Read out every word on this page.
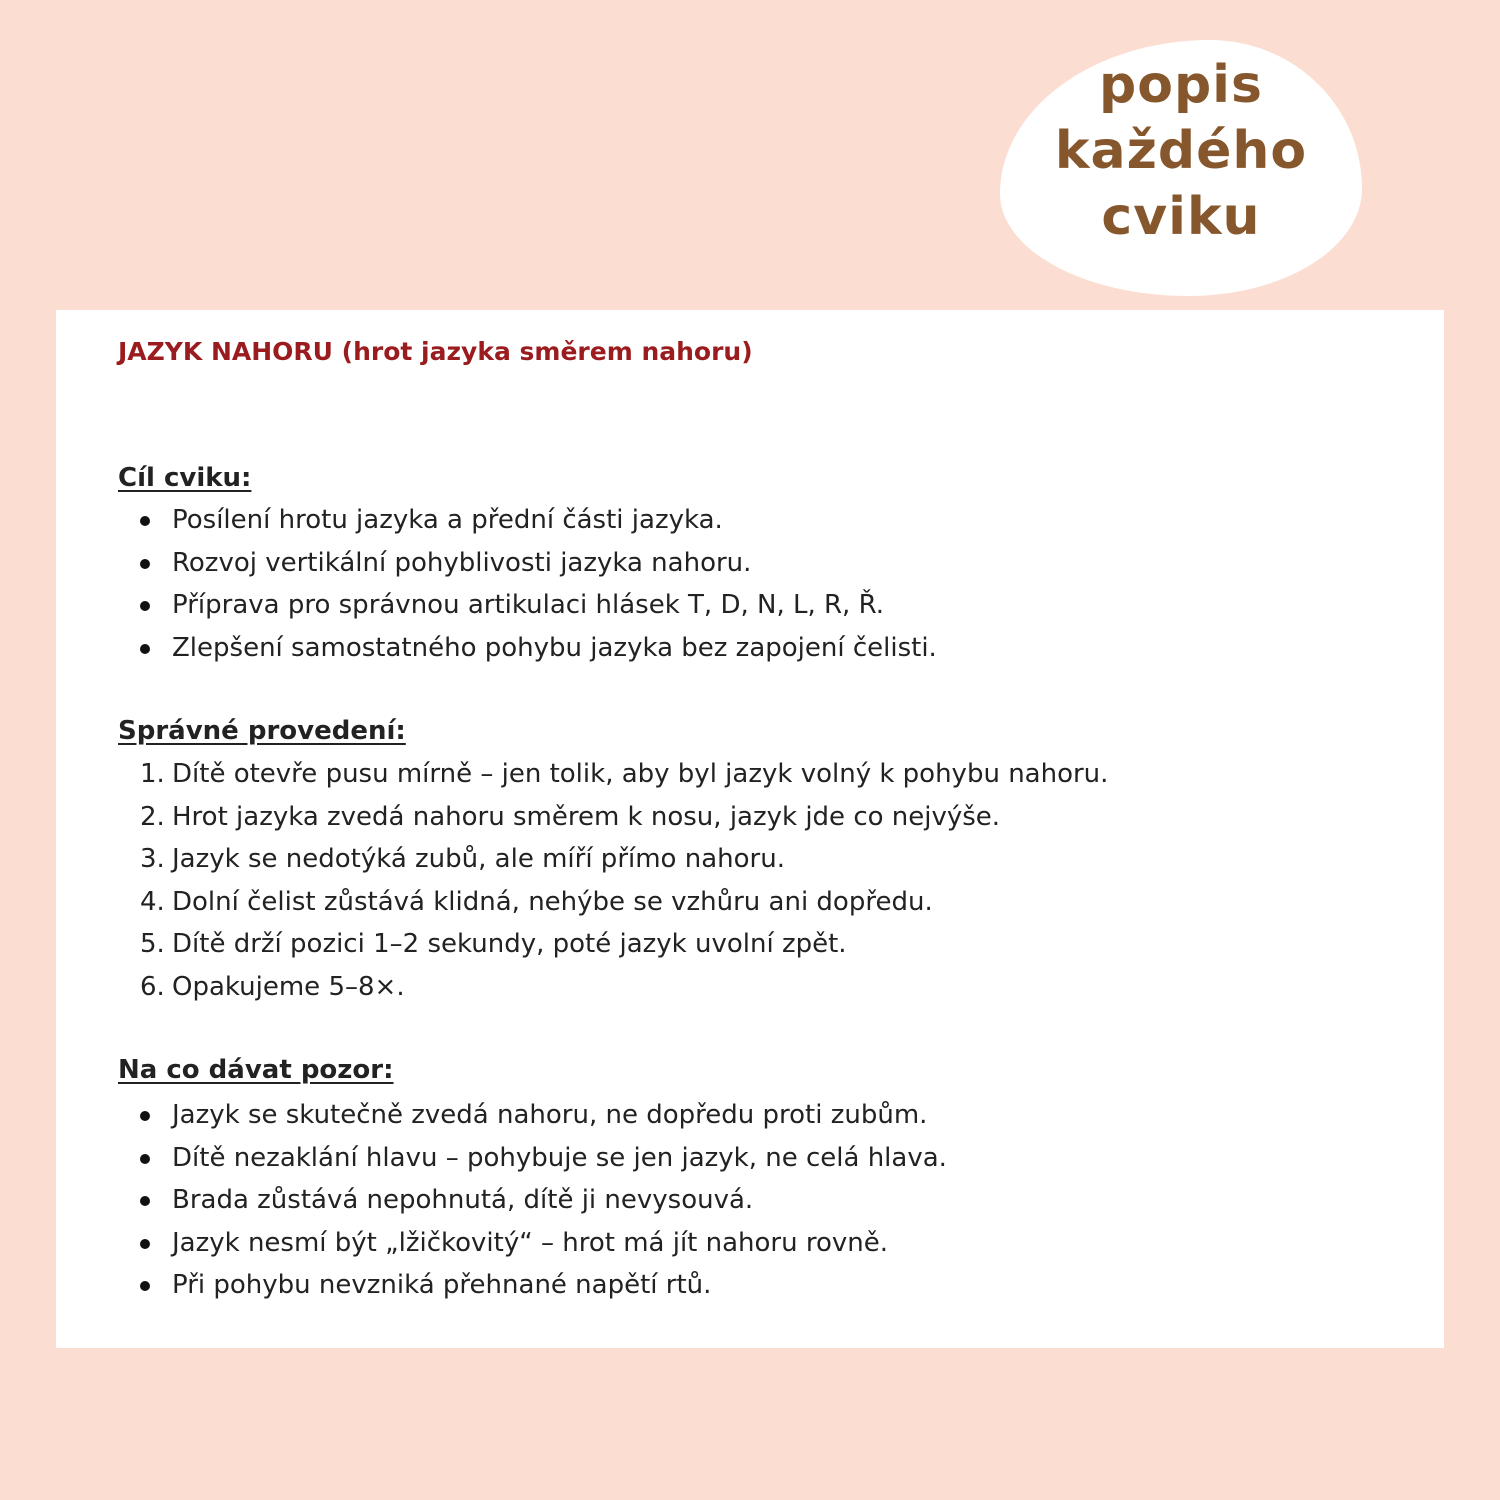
popis
každého
cviku

JAZYK NAHORU (hrot jazyka směrem nahoru)
Cíl cviku:
Posílení hrotu jazyka a přední části jazyka.
Rozvoj vertikální pohyblivosti jazyka nahoru.
Příprava pro správnou artikulaci hlásek T, D, N, L, R, Ř.
Zlepšení samostatného pohybu jazyka bez zapojení čelisti.
Správné provedení:
1. Dítě otevře pusu mírně – jen tolik, aby byl jazyk volný k pohybu nahoru.
2. Hrot jazyka zvedá nahoru směrem k nosu, jazyk jde co nejvýše.
3. Jazyk se nedotýká zubů, ale míří přímo nahoru.
4. Dolní čelist zůstává klidná, nehýbe se vzhůru ani dopředu.
5. Dítě drží pozici 1–2 sekundy, poté jazyk uvolní zpět.
6. Opakujeme 5–8×.
Na co dávat pozor:
Jazyk se skutečně zvedá nahoru, ne dopředu proti zubům.
Dítě nezaklání hlavu – pohybuje se jen jazyk, ne celá hlava.
Brada zůstává nepohnutá, dítě ji nevysouvá.
Jazyk nesmí být „lžičkovitý“ – hrot má jít nahoru rovně.
Při pohybu nevzniká přehnané napětí rtů.
